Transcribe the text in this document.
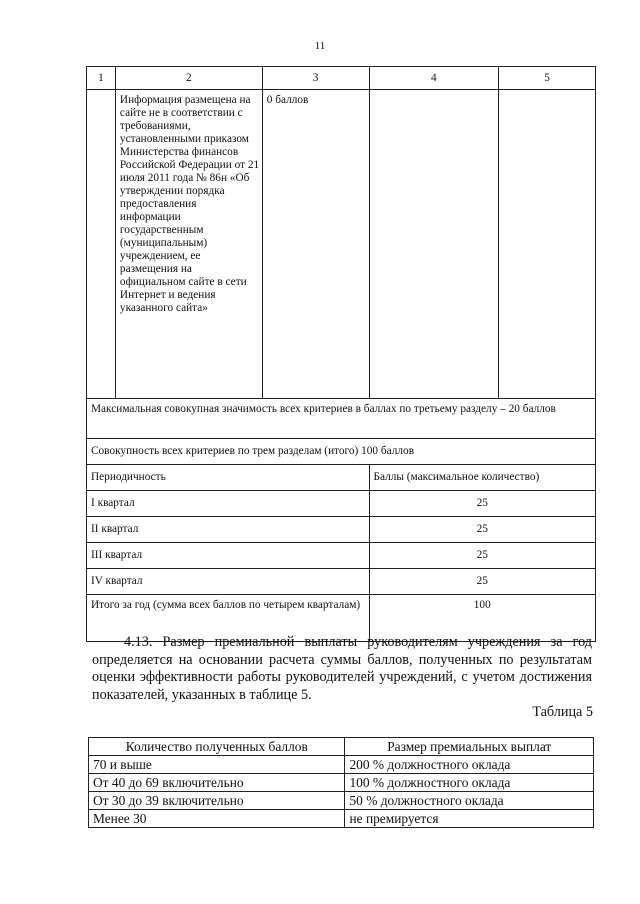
11
1	2	3	4	5

	Информация размещена на сайте не в соответствии с требованиями, установленными приказом Министерства финансов Российской Федерации от 21 июля 2011 года № 86н «Об утверждении порядка предоставления информации государственным (муниципальным) учреждением, ее размещения на официальном сайте в сети Интернет и ведения указанного сайта»	0 баллов		

Максимальная совокупная значимость всех критериев в баллах по третьему разделу – 20 баллов				
Совокупность всех критериев по трем разделам (итого) 100 баллов				
Периодичность			Баллы (максимальное количество)	
I квартал			25	
II квартал			25	
III квартал			25	
IV квартал			25	
Итого за год (сумма всех баллов по четырем кварталам)			100	
4.13. Размер премиальной выплаты руководителям учреждения за год определяется на основании расчета суммы баллов, полученных по результатам оценки эффективности работы руководителей учреждений, с учетом достижения показателей, указанных в таблице 5.
Таблица 5
Количество полученных баллов	Размер премиальных выплат
70 и выше	200 % должностного оклада
От 40 до 69 включительно	100 % должностного оклада
От 30 до 39 включительно	50 % должностного оклада
Менее 30	не премируется
